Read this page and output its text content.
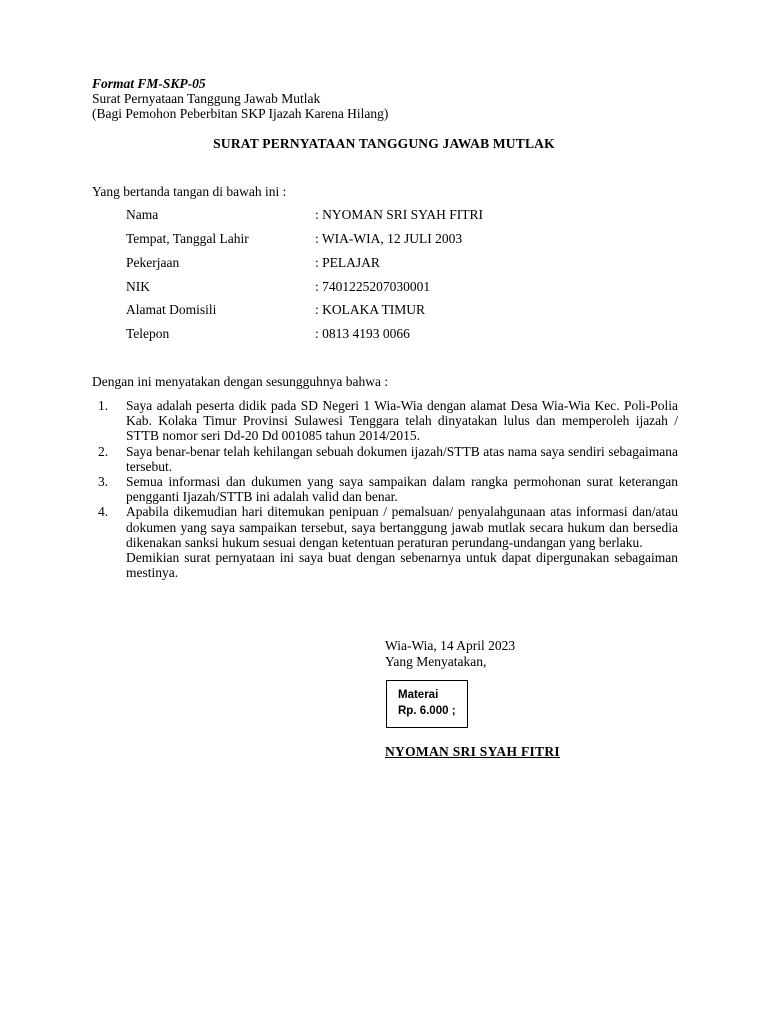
Format FM-SKP-05
Surat Pernyataan Tanggung Jawab Mutlak
(Bagi Pemohon Peberbitan SKP Ijazah Karena Hilang)
SURAT PERNYATAAN TANGGUNG JAWAB MUTLAK
Yang bertanda tangan di bawah ini :
Nama	: NYOMAN SRI SYAH FITRI
Tempat, Tanggal Lahir	: WIA-WIA, 12 JULI 2003
Pekerjaan	: PELAJAR
NIK	: 7401225207030001
Alamat Domisili	: KOLAKA TIMUR
Telepon	: 0813 4193 0066
Dengan ini menyatakan dengan sesungguhnya bahwa :
1. Saya adalah peserta didik pada SD Negeri 1 Wia-Wia dengan alamat Desa Wia-Wia Kec. Poli-Polia Kab. Kolaka Timur Provinsi Sulawesi Tenggara telah dinyatakan lulus dan memperoleh ijazah / STTB nomor seri Dd-20 Dd 001085 tahun 2014/2015.
2. Saya benar-benar telah kehilangan sebuah dokumen ijazah/STTB atas nama saya sendiri sebagaimana tersebut.
3. Semua informasi dan dukumen yang saya sampaikan dalam rangka permohonan surat keterangan pengganti Ijazah/STTB ini adalah valid dan benar.
4. Apabila dikemudian hari ditemukan penipuan / pemalsuan/ penyalahgunaan atas informasi dan/atau dokumen yang saya sampaikan tersebut, saya bertanggung jawab mutlak secara hukum dan bersedia dikenakan sanksi hukum sesuai dengan ketentuan peraturan perundang-undangan yang berlaku.
Demikian surat pernyataan ini saya buat dengan sebenarnya untuk dapat dipergunakan sebagaiman mestinya.
Wia-Wia, 14 April 2023
Yang Menyatakan,
Materai
Rp. 6.000 ;
NYOMAN SRI SYAH FITRI
